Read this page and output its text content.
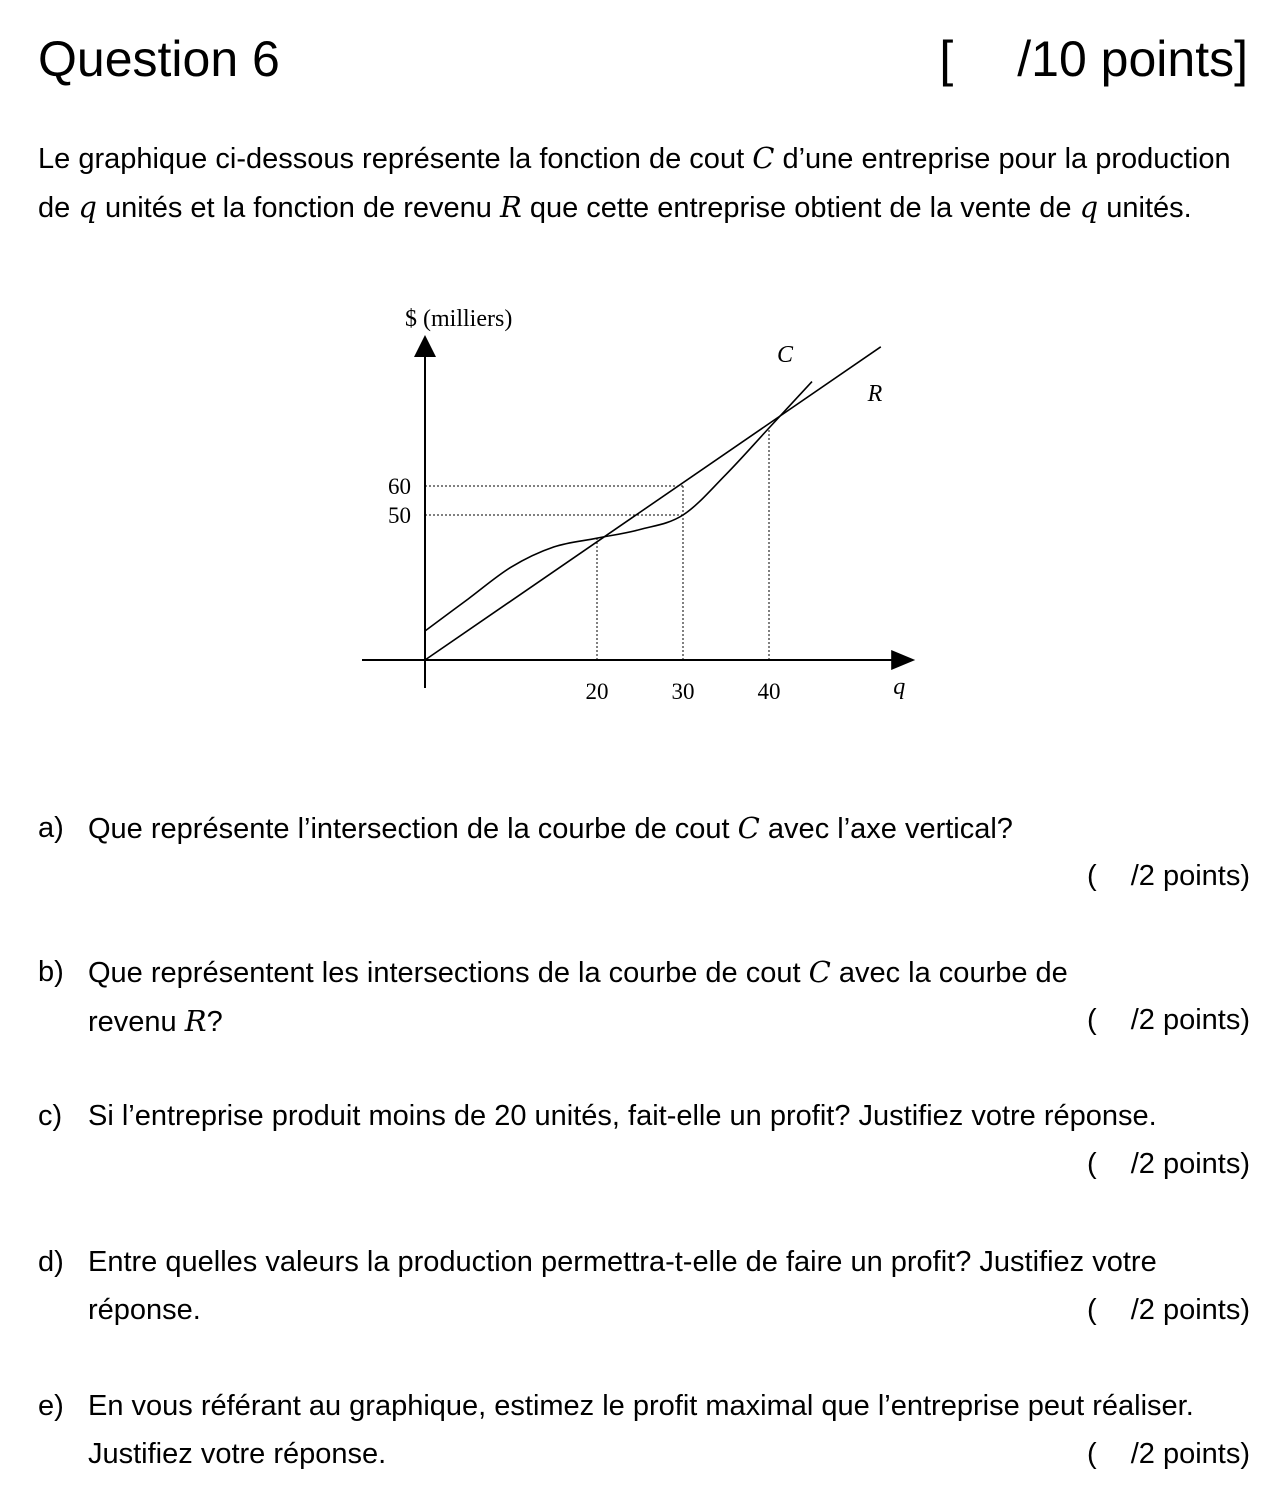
Question 6	[ /10 points]
Le graphique ci-dessous représente la fonction de cout C d’une entreprise pour la production de q unités et la fonction de revenu R que cette entreprise obtient de la vente de q unités.
C
R
20	30	40
50
60
$ (milliers)
q
a) Que représente l’intersection de la courbe de cout C avec l’axe vertical?
( /2 points)
b) Que représentent les intersections de la courbe de cout C avec la courbe de revenu R?	( /2 points)
c) Si l’entreprise produit moins de 20 unités, fait-elle un profit? Justifiez votre réponse.
( /2 points)
d) Entre quelles valeurs la production permettra-t-elle de faire un profit? Justifiez votre réponse.	( /2 points)
e) En vous référant au graphique, estimez le profit maximal que l’entreprise peut réaliser. Justifiez votre réponse.	( /2 points)
